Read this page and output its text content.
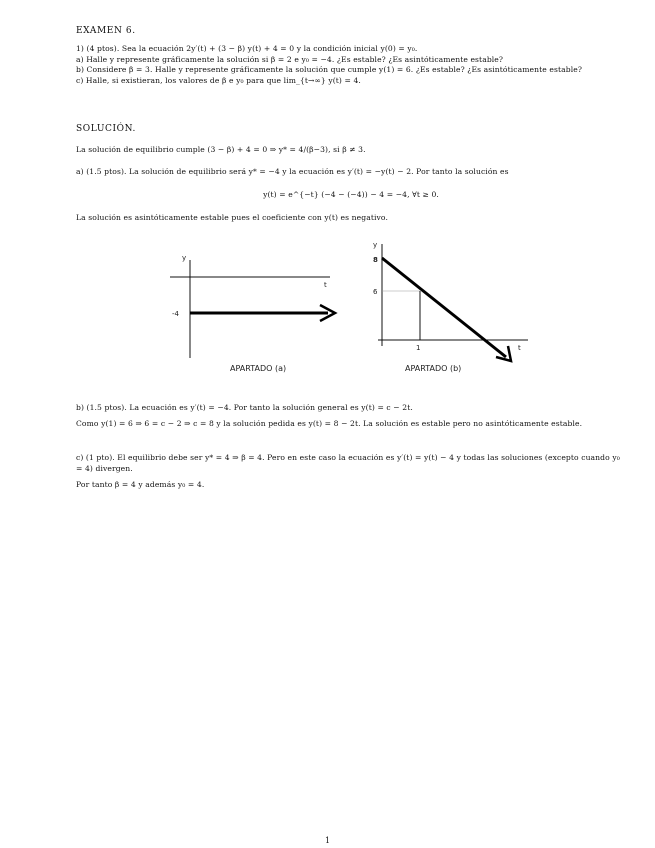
EXAMEN 6.
1) (4 ptos). Sea la ecuación 2y′(t) + (3 − β) y(t) + 4 = 0 y la condición inicial y(0) = y₀.
a) Halle y represente gráficamente la solución si β = 2 e y₀ = −4. ¿Es estable? ¿Es asintóticamente estable?
b) Considere β = 3. Halle y represente gráficamente la solución que cumple y(1) = 6. ¿Es estable? ¿Es asintóticamente estable?
c) Halle, si existieran, los valores de β e y₀ para que lim_{t→∞} y(t) = 4.
SOLUCIÓN.
La solución de equilibrio cumple (3 − β) + 4 = 0 ⇒ y* = 4/(β−3), si β ≠ 3.
a) (1.5 ptos). La solución de equilibrio será y* = −4 y la ecuación es y′(t) = −y(t) − 2. Por tanto la solución es
y(t) = e^{−t} (−4 − (−4)) − 4 = −4, ∀t ≥ 0.
La solución es asintóticamente estable pues el coeficiente con y(t) es negativo.
y
t
-4
APARTADO (a)
y
t
8
6
1
APARTADO (b)
b) (1.5 ptos). La ecuación es y′(t) = −4. Por tanto la solución general es y(t) = c − 2t.
Como y(1) = 6 ⇒ 6 = c − 2 ⇒ c = 8 y la solución pedida es y(t) = 8 − 2t. La solución es estable pero no asintóticamente estable.
c) (1 pto). El equilibrio debe ser y* = 4 ⇒ β = 4. Pero en este caso la ecuación es y′(t) = y(t) − 4 y todas las soluciones (excepto cuando y₀ = 4) divergen.
Por tanto β = 4 y además y₀ = 4.
1
